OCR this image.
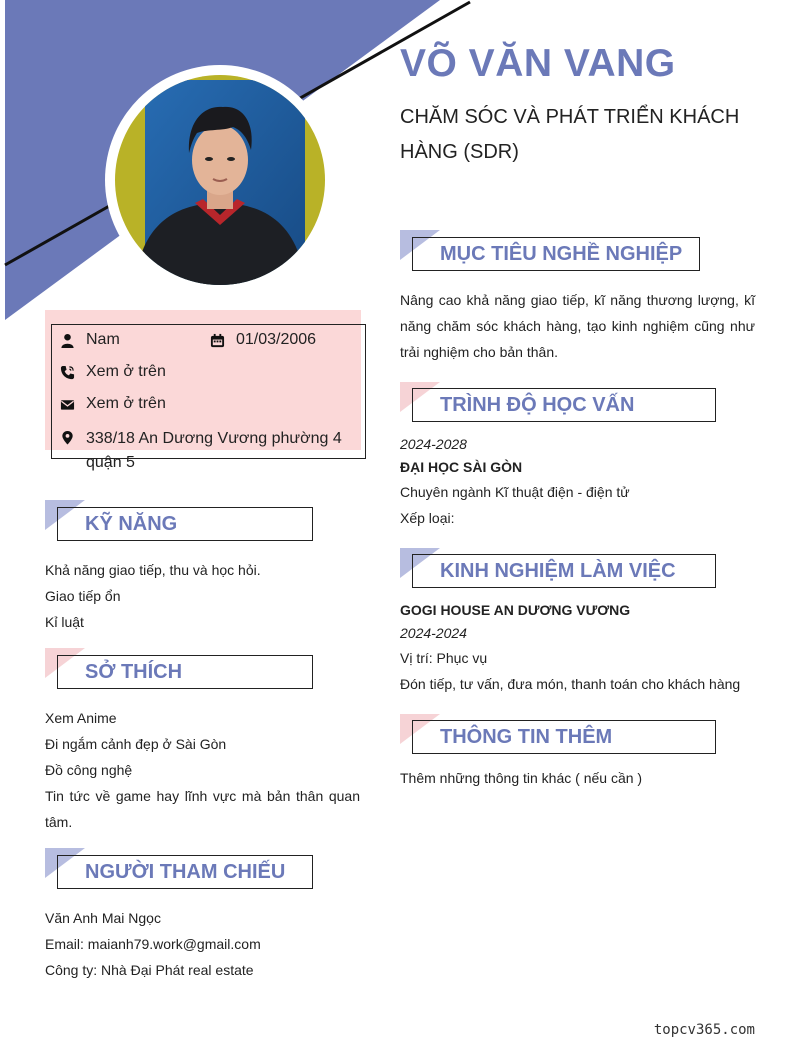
VÕ VĂN VANG
CHĂM SÓC VÀ PHÁT TRIỂN KHÁCH HÀNG (SDR)
Nam	01/03/2006
Xem ở trên
Xem ở trên
338/18 An Dương Vương phường 4 quận 5
KỸ NĂNG
Khả năng giao tiếp, thu và học hỏi.
Giao tiếp ổn
Kỉ luật
SỞ THÍCH
Xem Anime
Đi ngắm cảnh đẹp ở Sài Gòn
Đồ công nghệ
Tin tức về game hay lĩnh vực mà bản thân quan tâm.
NGƯỜI THAM CHIẾU
Văn Anh Mai Ngọc
Email: maianh79.work@gmail.com
Công ty: Nhà Đại Phát real estate
MỤC TIÊU NGHỀ NGHIỆP
Nâng cao khả năng giao tiếp, kĩ năng thương lượng, kĩ năng chăm sóc khách hàng, tạo kinh nghiệm cũng như trải nghiệm cho bản thân.
TRÌNH ĐỘ HỌC VẤN
2024-2028
ĐẠI HỌC SÀI GÒN
Chuyên ngành Kĩ thuật điện - điện tử
Xếp loại:
KINH NGHIỆM LÀM VIỆC
GOGI HOUSE AN DƯƠNG VƯƠNG
2024-2024
Vị trí: Phục vụ
Đón tiếp, tư vấn, đưa món, thanh toán cho khách hàng
THÔNG TIN THÊM
Thêm những thông tin khác ( nếu cần )
topcv365.com
